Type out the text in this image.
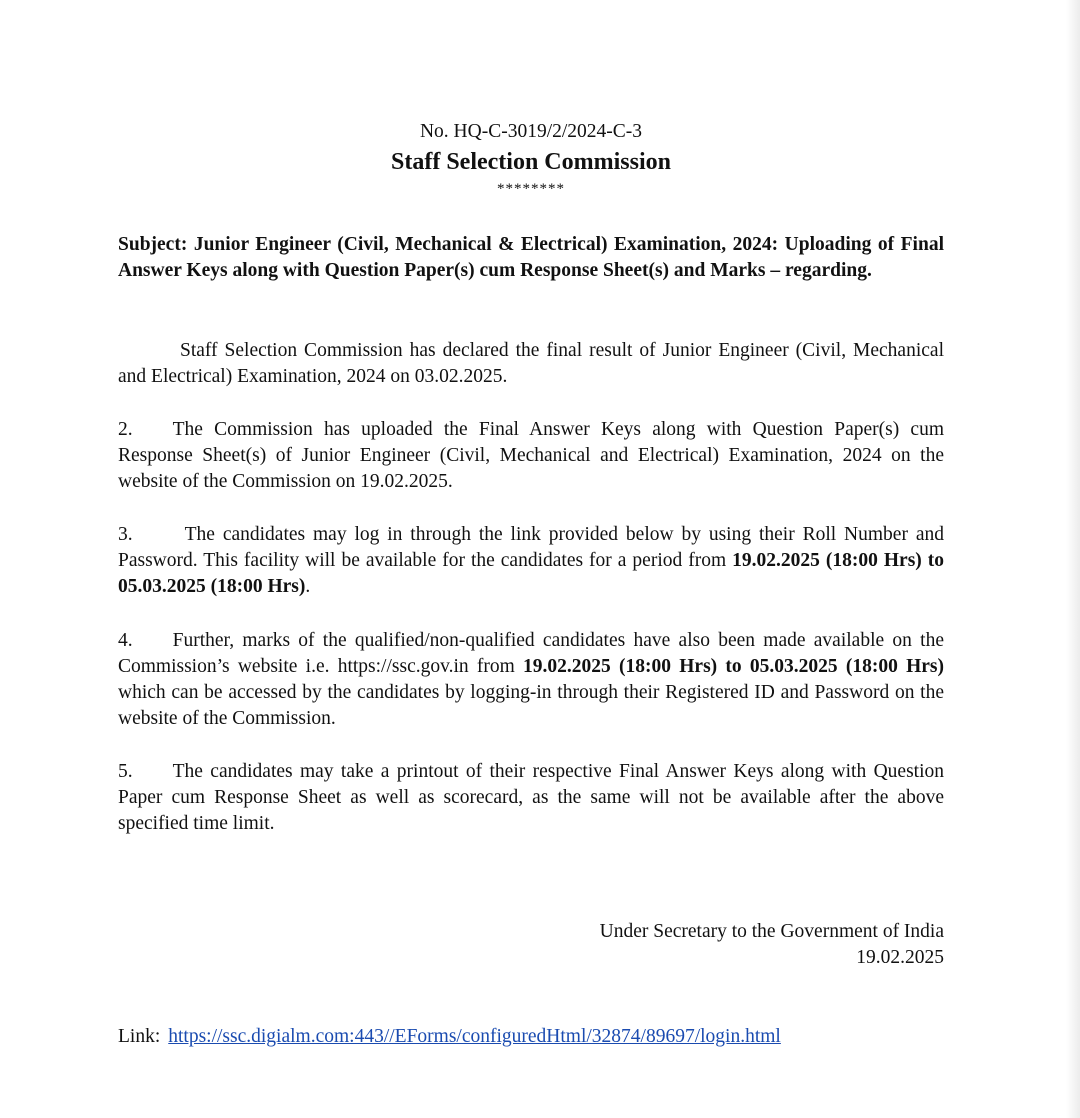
No. HQ-C-3019/2/2024-C-3
Staff Selection Commission
********
Subject: Junior Engineer (Civil, Mechanical & Electrical) Examination, 2024: Uploading of Final Answer Keys along with Question Paper(s) cum Response Sheet(s) and Marks – regarding.
Staff Selection Commission has declared the final result of Junior Engineer (Civil, Mechanical and Electrical) Examination, 2024 on 03.02.2025.
2. The Commission has uploaded the Final Answer Keys along with Question Paper(s) cum Response Sheet(s) of Junior Engineer (Civil, Mechanical and Electrical) Examination, 2024 on the website of the Commission on 19.02.2025.
3.	The candidates may log in through the link provided below by using their Roll Number and Password. This facility will be available for the candidates for a period from 19.02.2025 (18:00 Hrs) to 05.03.2025 (18:00 Hrs).
4. Further, marks of the qualified/non-qualified candidates have also been made available on the Commission’s website i.e. https://ssc.gov.in from 19.02.2025 (18:00 Hrs) to 05.03.2025 (18:00 Hrs) which can be accessed by the candidates by logging-in through their Registered ID and Password on the website of the Commission.
5. The candidates may take a printout of their respective Final Answer Keys along with Question Paper cum Response Sheet as well as scorecard, as the same will not be available after the above specified time limit.
Under Secretary to the Government of India
19.02.2025
Link: https://ssc.digialm.com:443//EForms/configuredHtml/32874/89697/login.html
